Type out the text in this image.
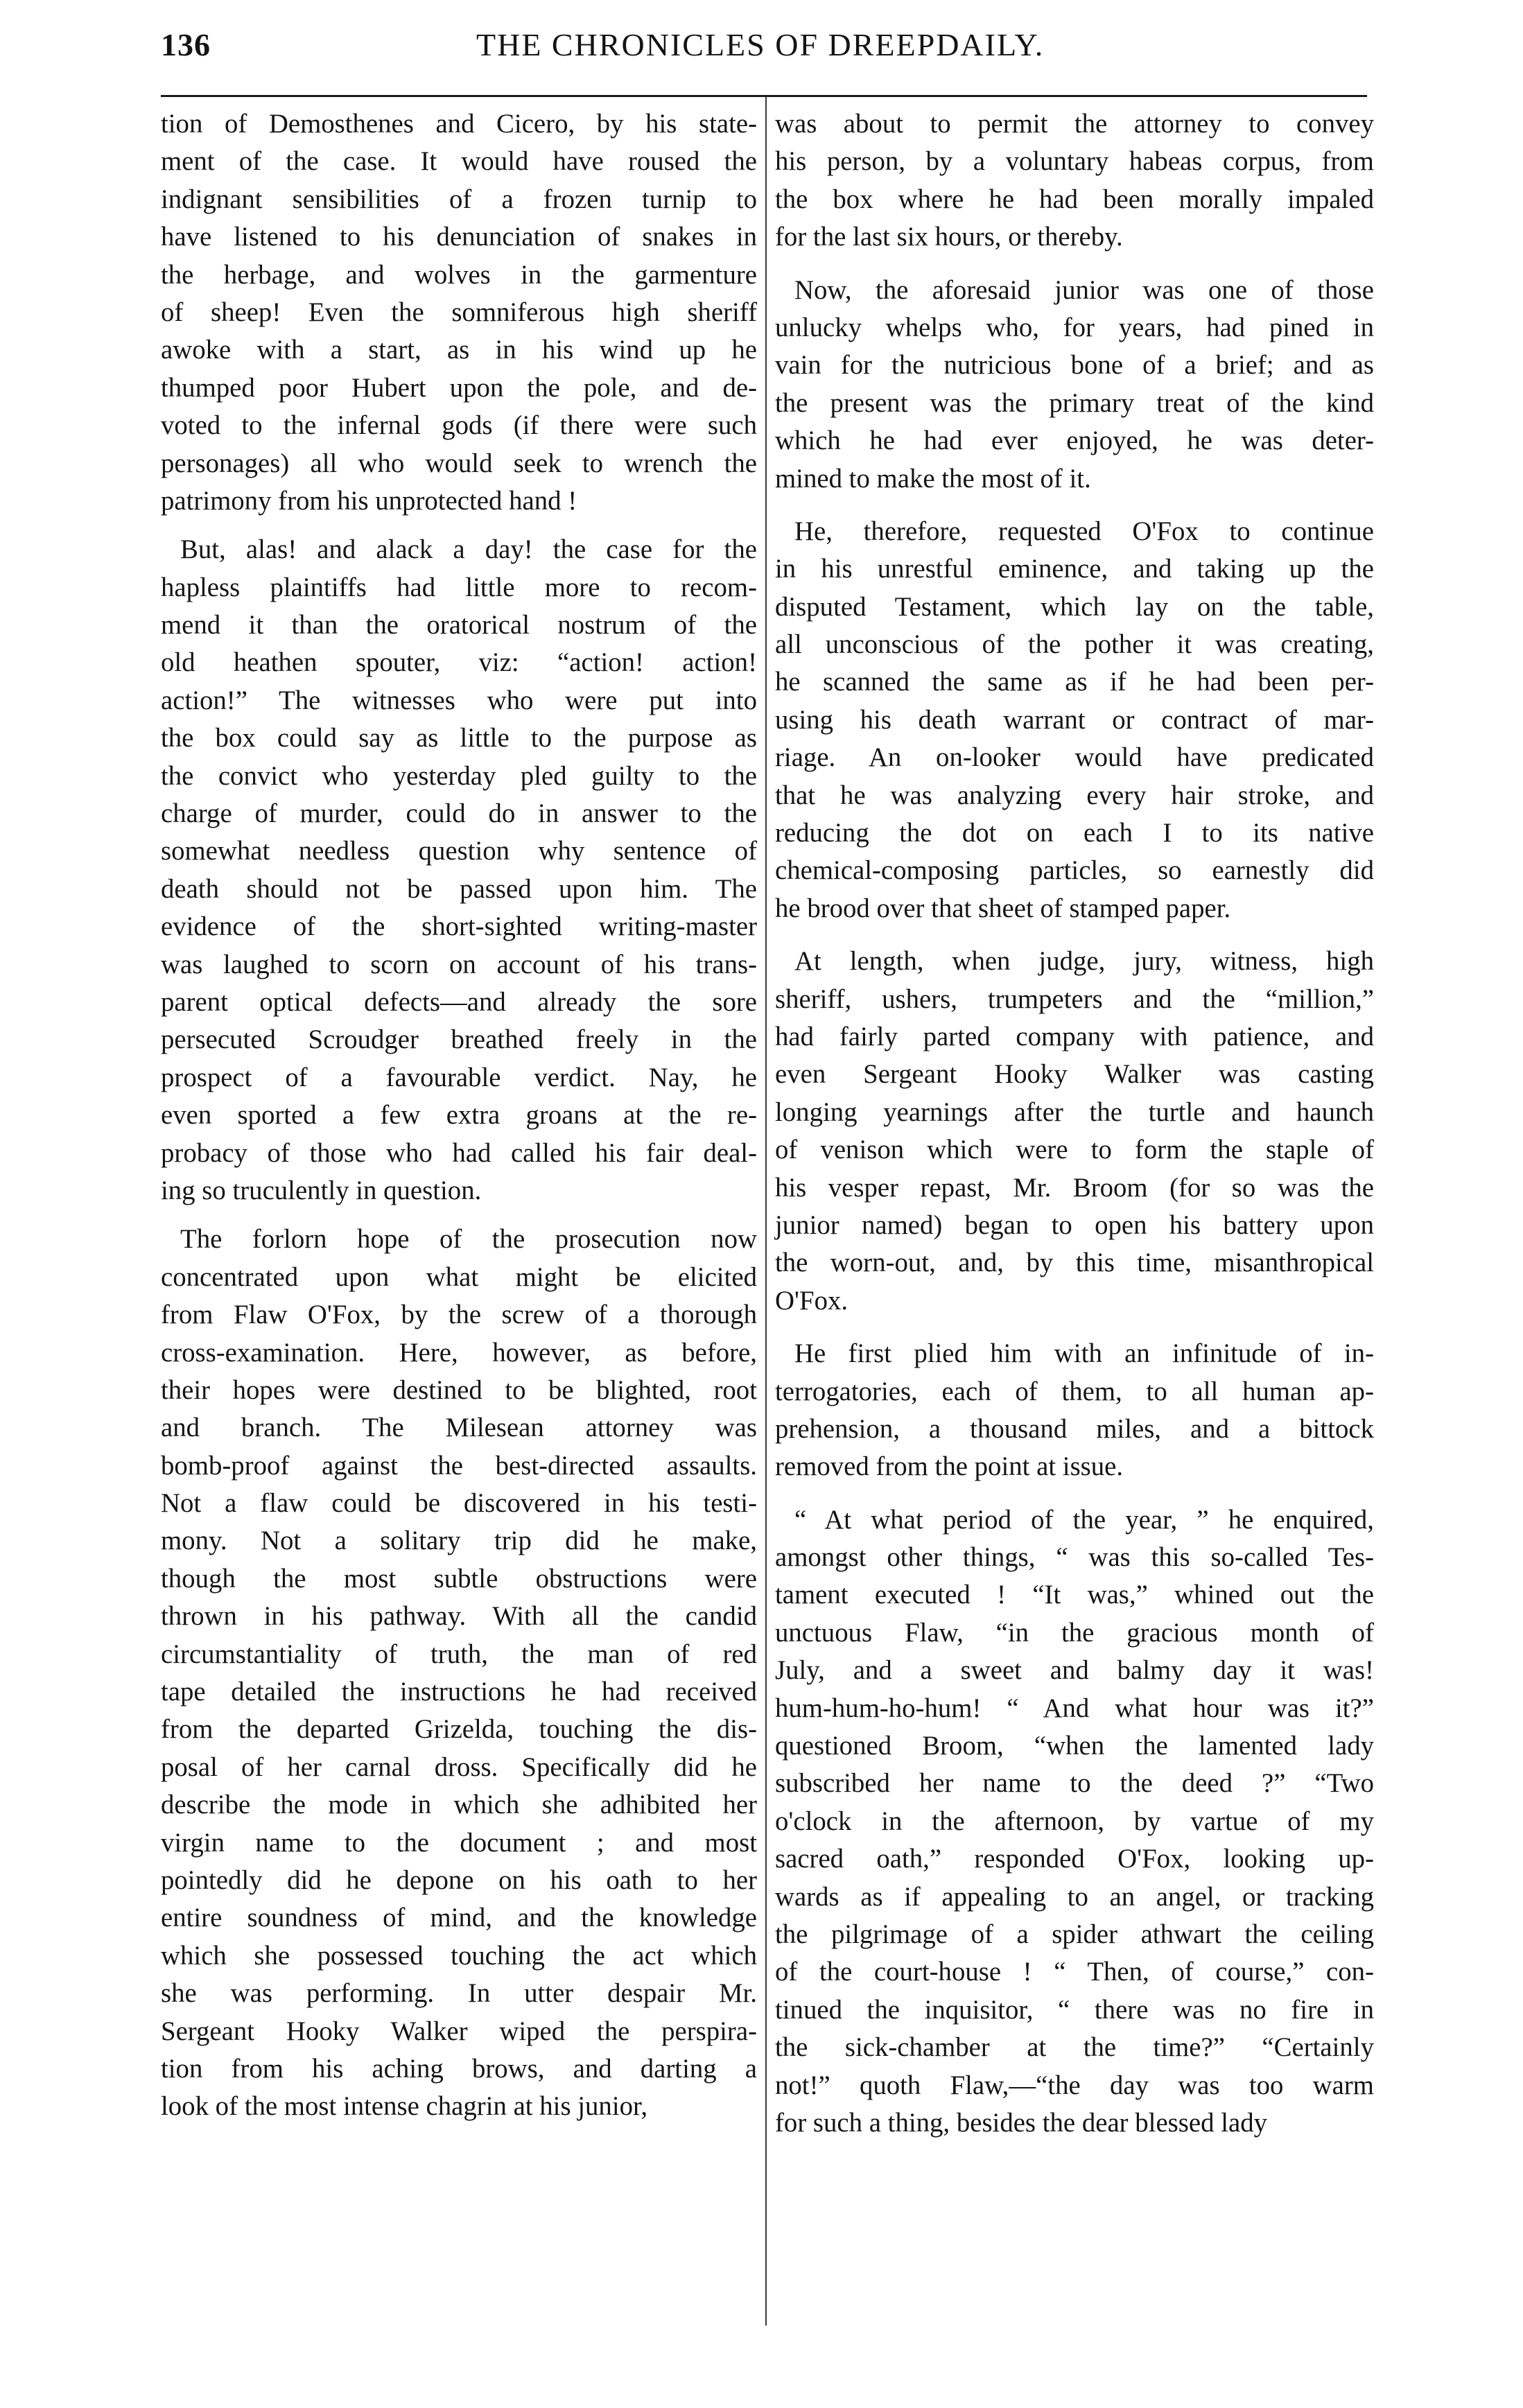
136	THE CHRONICLES OF DREEPDAILY.
tion of Demosthenes and Cicero, by his state-
ment of the case. It would have roused the
indignant sensibilities of a frozen turnip to
have listened to his denunciation of snakes in
the herbage, and wolves in the garmenture
of sheep! Even the somniferous high sheriff
awoke with a start, as in his wind up he
thumped poor Hubert upon the pole, and de-
voted to the infernal gods (if there were such
personages) all who would seek to wrench the
patrimony from his unprotected hand !
But, alas! and alack a day! the case for the
hapless plaintiffs had little more to recom-
mend it than the oratorical nostrum of the
old heathen spouter, viz: “action! action!
action!” The witnesses who were put into
the box could say as little to the purpose as
the convict who yesterday pled guilty to the
charge of murder, could do in answer to the
somewhat needless question why sentence of
death should not be passed upon him. The
evidence of the short-sighted writing-master
was laughed to scorn on account of his trans-
parent optical defects—and already the sore
persecuted Scroudger breathed freely in the
prospect of a favourable verdict. Nay, he
even sported a few extra groans at the re-
probacy of those who had called his fair deal-
ing so truculently in question.
The forlorn hope of the prosecution now
concentrated upon what might be elicited
from Flaw O'Fox, by the screw of a thorough
cross-examination. Here, however, as before,
their hopes were destined to be blighted, root
and branch. The Milesean attorney was
bomb-proof against the best-directed assaults.
Not a flaw could be discovered in his testi-
mony. Not a solitary trip did he make,
though the most subtle obstructions were
thrown in his pathway. With all the candid
circumstantiality of truth, the man of red
tape detailed the instructions he had received
from the departed Grizelda, touching the dis-
posal of her carnal dross. Specifically did he
describe the mode in which she adhibited her
virgin name to the document ; and most
pointedly did he depone on his oath to her
entire soundness of mind, and the knowledge
which she possessed touching the act which
she was performing. In utter despair Mr.
Sergeant Hooky Walker wiped the perspira-
tion from his aching brows, and darting a
look of the most intense chagrin at his junior,
was about to permit the attorney to convey
his person, by a voluntary habeas corpus, from
the box where he had been morally impaled
for the last six hours, or thereby.
Now, the aforesaid junior was one of those
unlucky whelps who, for years, had pined in
vain for the nutricious bone of a brief; and as
the present was the primary treat of the kind
which he had ever enjoyed, he was deter-
mined to make the most of it.
He, therefore, requested O'Fox to continue
in his unrestful eminence, and taking up the
disputed Testament, which lay on the table,
all unconscious of the pother it was creating,
he scanned the same as if he had been per-
using his death warrant or contract of mar-
riage. An on-looker would have predicated
that he was analyzing every hair stroke, and
reducing the dot on each I to its native
chemical-composing particles, so earnestly did
he brood over that sheet of stamped paper.
At length, when judge, jury, witness, high
sheriff, ushers, trumpeters and the “million,”
had fairly parted company with patience, and
even Sergeant Hooky Walker was casting
longing yearnings after the turtle and haunch
of venison which were to form the staple of
his vesper repast, Mr. Broom (for so was the
junior named) began to open his battery upon
the worn-out, and, by this time, misanthropical
O'Fox.
He first plied him with an infinitude of in-
terrogatories, each of them, to all human ap-
prehension, a thousand miles, and a bittock
removed from the point at issue.
“ At what period of the year, ” he enquired,
amongst other things, “ was this so-called Tes-
tament executed ! “It was,” whined out the
unctuous Flaw, “in the gracious month of
July, and a sweet and balmy day it was!
hum-hum-ho-hum! “ And what hour was it?”
questioned Broom, “when the lamented lady
subscribed her name to the deed ?” “Two
o'clock in the afternoon, by vartue of my
sacred oath,” responded O'Fox, looking up-
wards as if appealing to an angel, or tracking
the pilgrimage of a spider athwart the ceiling
of the court-house ! “ Then, of course,” con-
tinued the inquisitor, “ there was no fire in
the sick-chamber at the time?” “Certainly
not!” quoth Flaw,—“the day was too warm
for such a thing, besides the dear blessed lady
